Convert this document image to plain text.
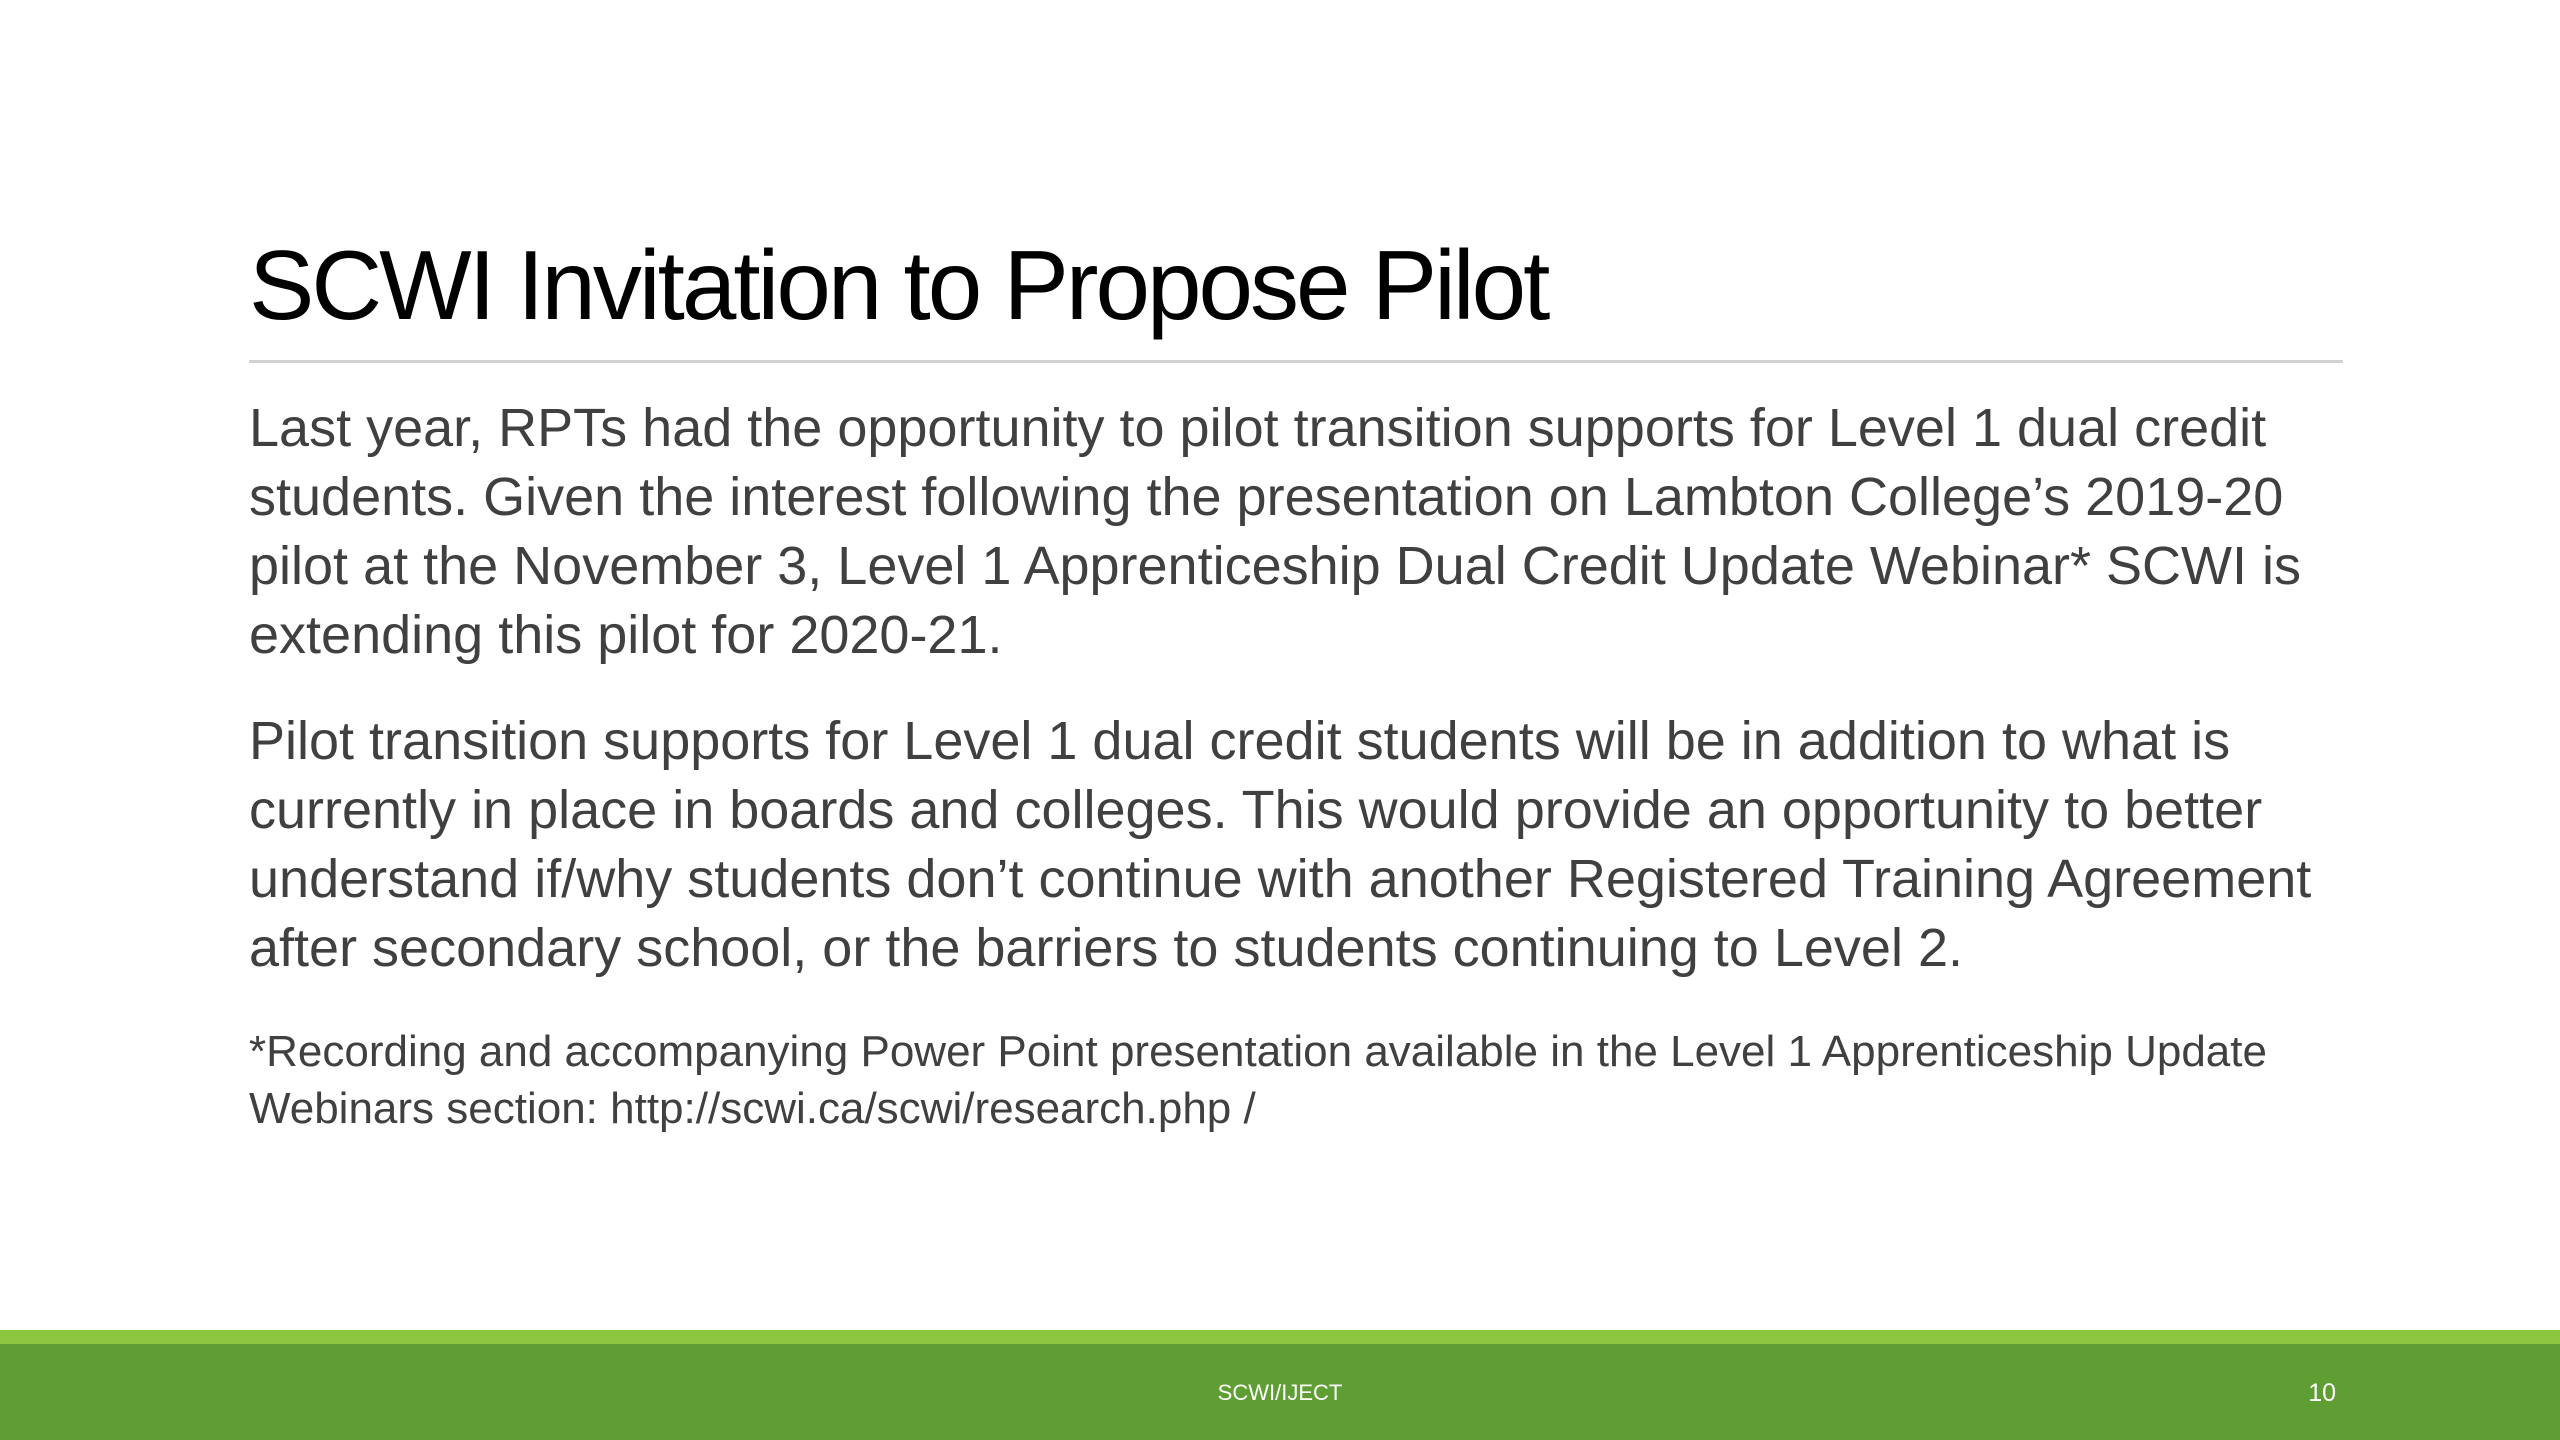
SCWI Invitation to Propose Pilot

Last year, RPTs had the opportunity to pilot transition supports for Level 1 dual credit students. Given the interest following the presentation on Lambton College’s 2019-20 pilot at the November 3, Level 1 Apprenticeship Dual Credit Update Webinar* SCWI is extending this pilot for 2020-21.

Pilot transition supports for Level 1 dual credit students will be in addition to what is currently in place in boards and colleges. This would provide an opportunity to better understand if/why students don’t continue with another Registered Training Agreement after secondary school, or the barriers to students continuing to Level 2.

*Recording and accompanying Power Point presentation available in the Level 1 Apprenticeship Update Webinars section: http://scwi.ca/scwi/research.php /

SCWI/IJECT	10
